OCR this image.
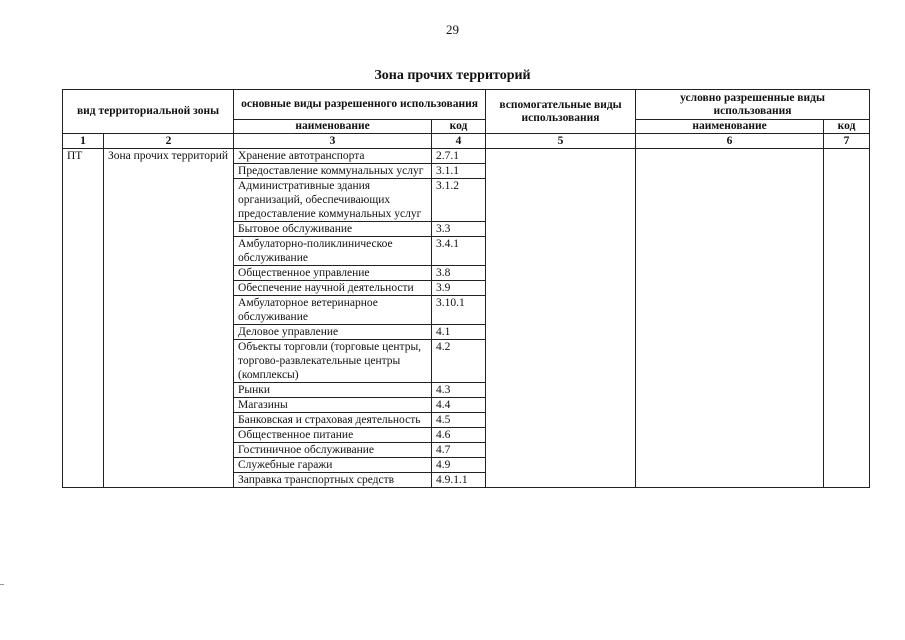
29
Зона прочих территорий
вид территориальной зоны		основные виды разрешенного использования		вспомогательные виды использования	условно разрешенные виды использования	
		наименование	код		наименование	код
1	2	3	4	5	6	7
ПТ	Зона прочих территорий	Хранение автотранспорта	2.7.1			
		Предоставление коммунальных услуг	3.1.1			
		Административные здания организаций, обеспечивающих предоставление коммунальных услуг	3.1.2			
		Бытовое обслуживание	3.3			
		Амбулаторно-поликлиническое обслуживание	3.4.1			
		Общественное управление	3.8			
		Обеспечение научной деятельности	3.9			
		Амбулаторное ветеринарное обслуживание	3.10.1			
		Деловое управление	4.1			
		Объекты торговли (торговые центры, торгово-развлекательные центры (комплексы)	4.2			
		Рынки	4.3			
		Магазины	4.4			
		Банковская и страховая деятельность	4.5			
		Общественное питание	4.6			
		Гостиничное обслуживание	4.7			
		Служебные гаражи	4.9			
		Заправка транспортных средств	4.9.1.1			
